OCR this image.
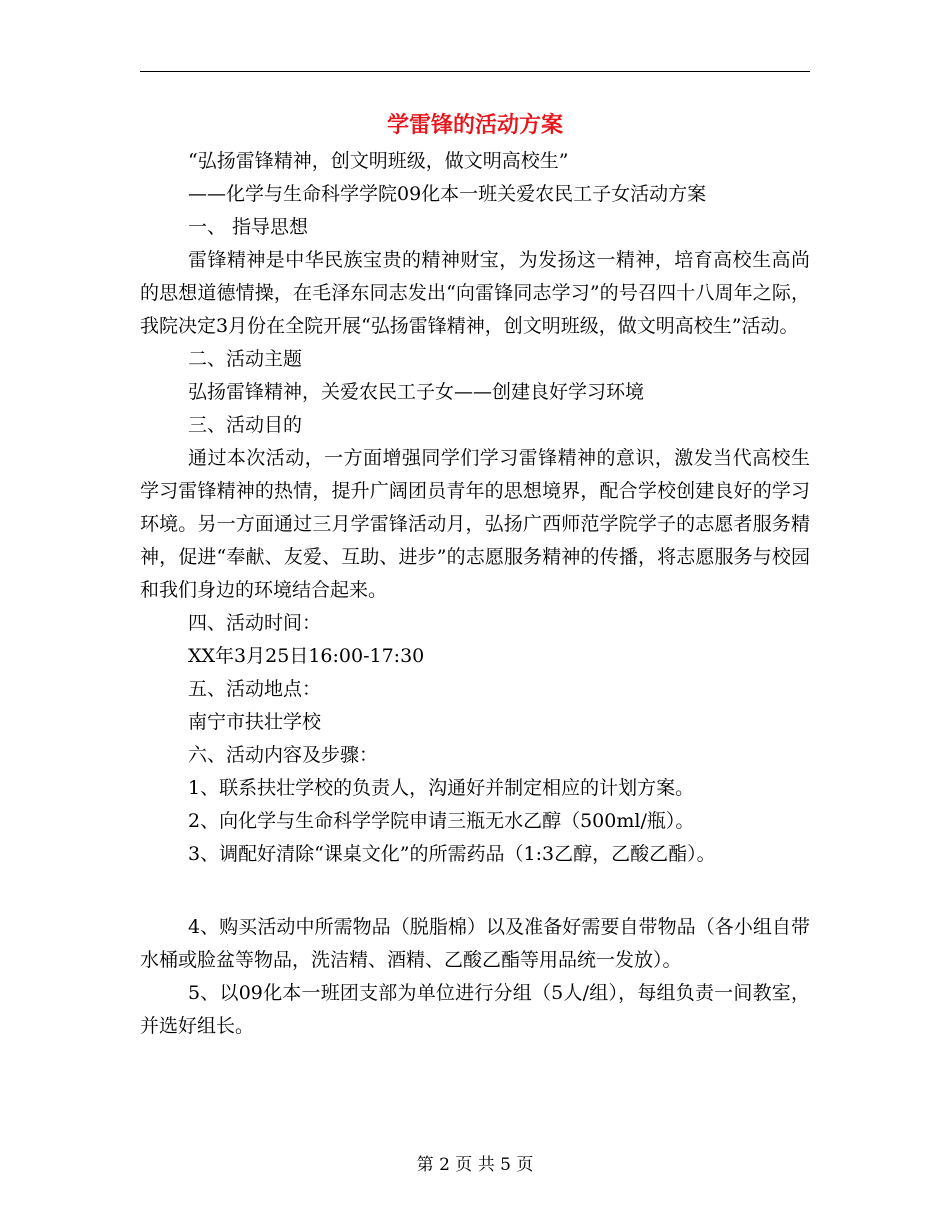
学雷锋的活动方案

“弘扬雷锋精神，创文明班级，做文明高校生”

——化学与生命科学学院09化本一班关爱农民工子女活动方案

一、 指导思想

雷锋精神是中华民族宝贵的精神财宝，为发扬这一精神，培育高校生高尚的思想道德情操，在毛泽东同志发出“向雷锋同志学习”的号召四十八周年之际，我院决定3月份在全院开展“弘扬雷锋精神，创文明班级，做文明高校生”活动。

二、活动主题

弘扬雷锋精神，关爱农民工子女——创建良好学习环境

三、活动目的

通过本次活动，一方面增强同学们学习雷锋精神的意识，激发当代高校生学习雷锋精神的热情，提升广阔团员青年的思想境界，配合学校创建良好的学习环境。另一方面通过三月学雷锋活动月，弘扬广西师范学院学子的志愿者服务精神，促进“奉献、友爱、互助、进步”的志愿服务精神的传播，将志愿服务与校园和我们身边的环境结合起来。

四、活动时间：

XX年3月25日16:00-17:30

五、活动地点：

南宁市扶壮学校

六、活动内容及步骤：

1、联系扶壮学校的负责人，沟通好并制定相应的计划方案。

2、向化学与生命科学学院申请三瓶无水乙醇（500ml/瓶）。

3、调配好清除“课桌文化”的所需药品（1:3乙醇，乙酸乙酯）。

4、购买活动中所需物品（脱脂棉）以及准备好需要自带物品（各小组自带水桶或脸盆等物品，洗洁精、酒精、乙酸乙酯等用品统一发放）。

5、以09化本一班团支部为单位进行分组（5人/组），每组负责一间教室，并选好组长。

第 2 页 共 5 页
